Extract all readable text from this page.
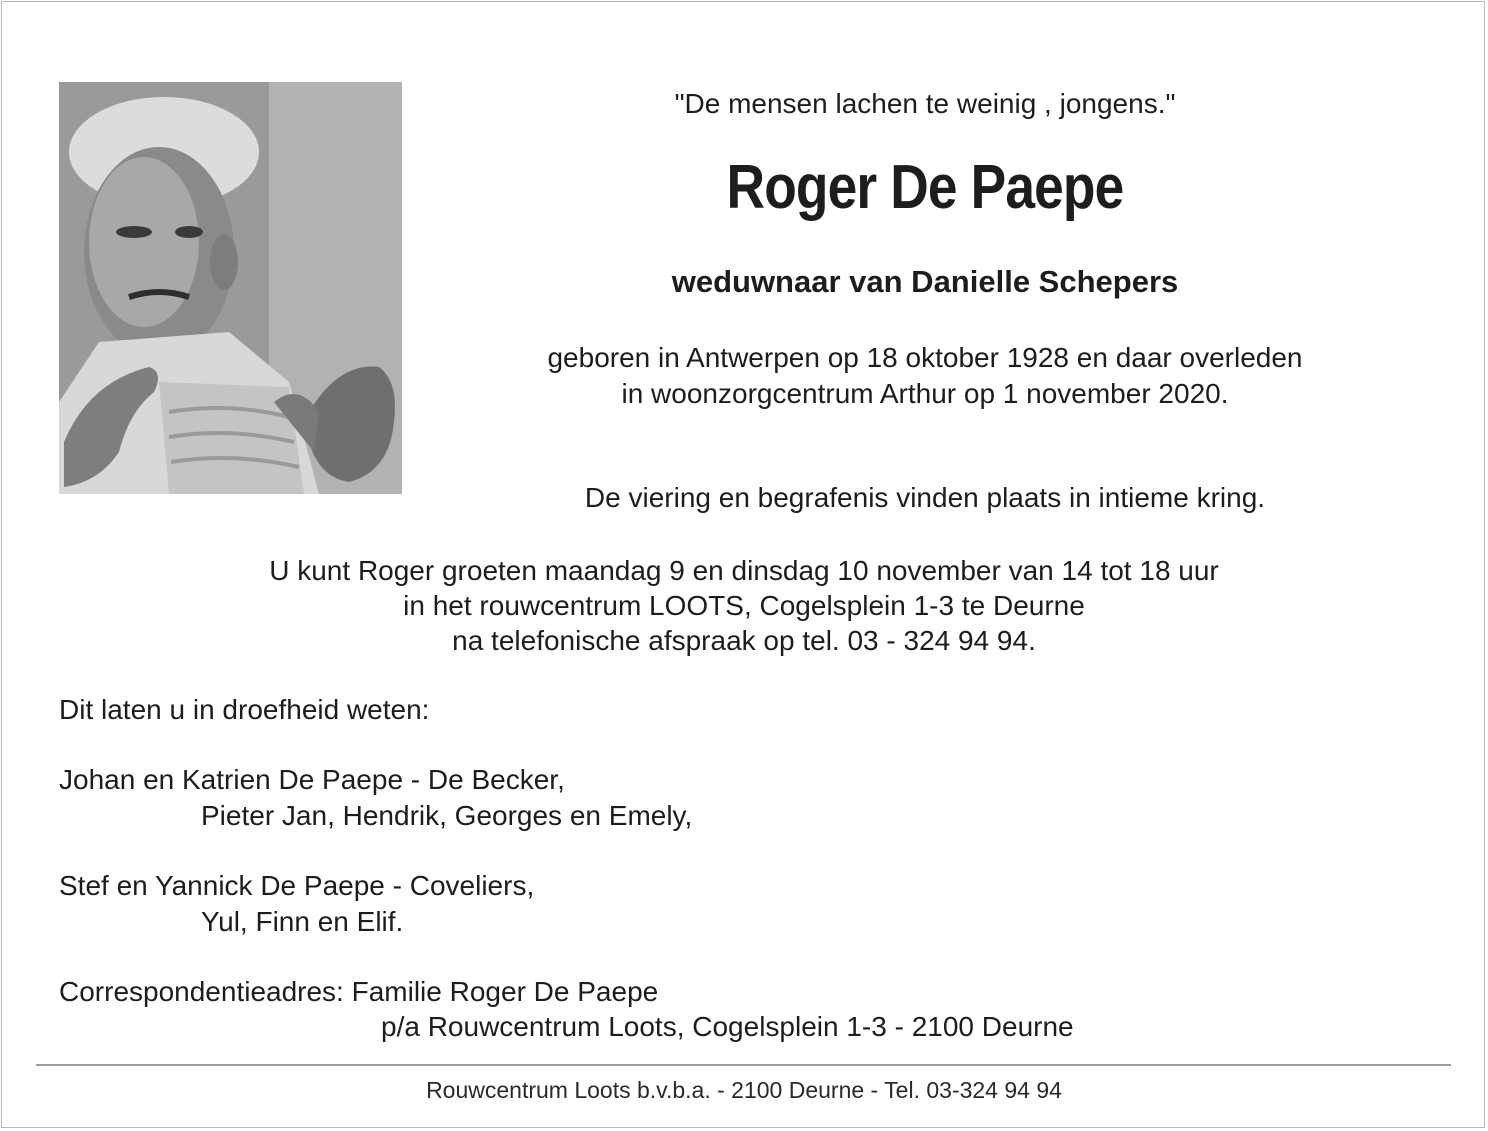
"De mensen lachen te weinig , jongens."
Roger De Paepe
weduwnaar van Danielle Schepers
geboren in Antwerpen op 18 oktober 1928 en daar overleden
in woonzorgcentrum Arthur op 1 november 2020.
De viering en begrafenis vinden plaats in intieme kring.
U kunt Roger groeten maandag 9 en dinsdag 10 november van 14 tot 18 uur
in het rouwcentrum LOOTS, Cogelsplein 1-3 te Deurne
na telefonische afspraak op tel. 03 - 324 94 94.
Dit laten u in droefheid weten:
Johan en Katrien De Paepe - De Becker,
Pieter Jan, Hendrik, Georges en Emely,
Stef en Yannick De Paepe - Coveliers,
Yul, Finn en Elif.
Correspondentieadres: Familie Roger De Paepe
p/a Rouwcentrum Loots, Cogelsplein 1-3 - 2100 Deurne
Rouwcentrum Loots b.v.b.a. - 2100 Deurne - Tel. 03-324 94 94
